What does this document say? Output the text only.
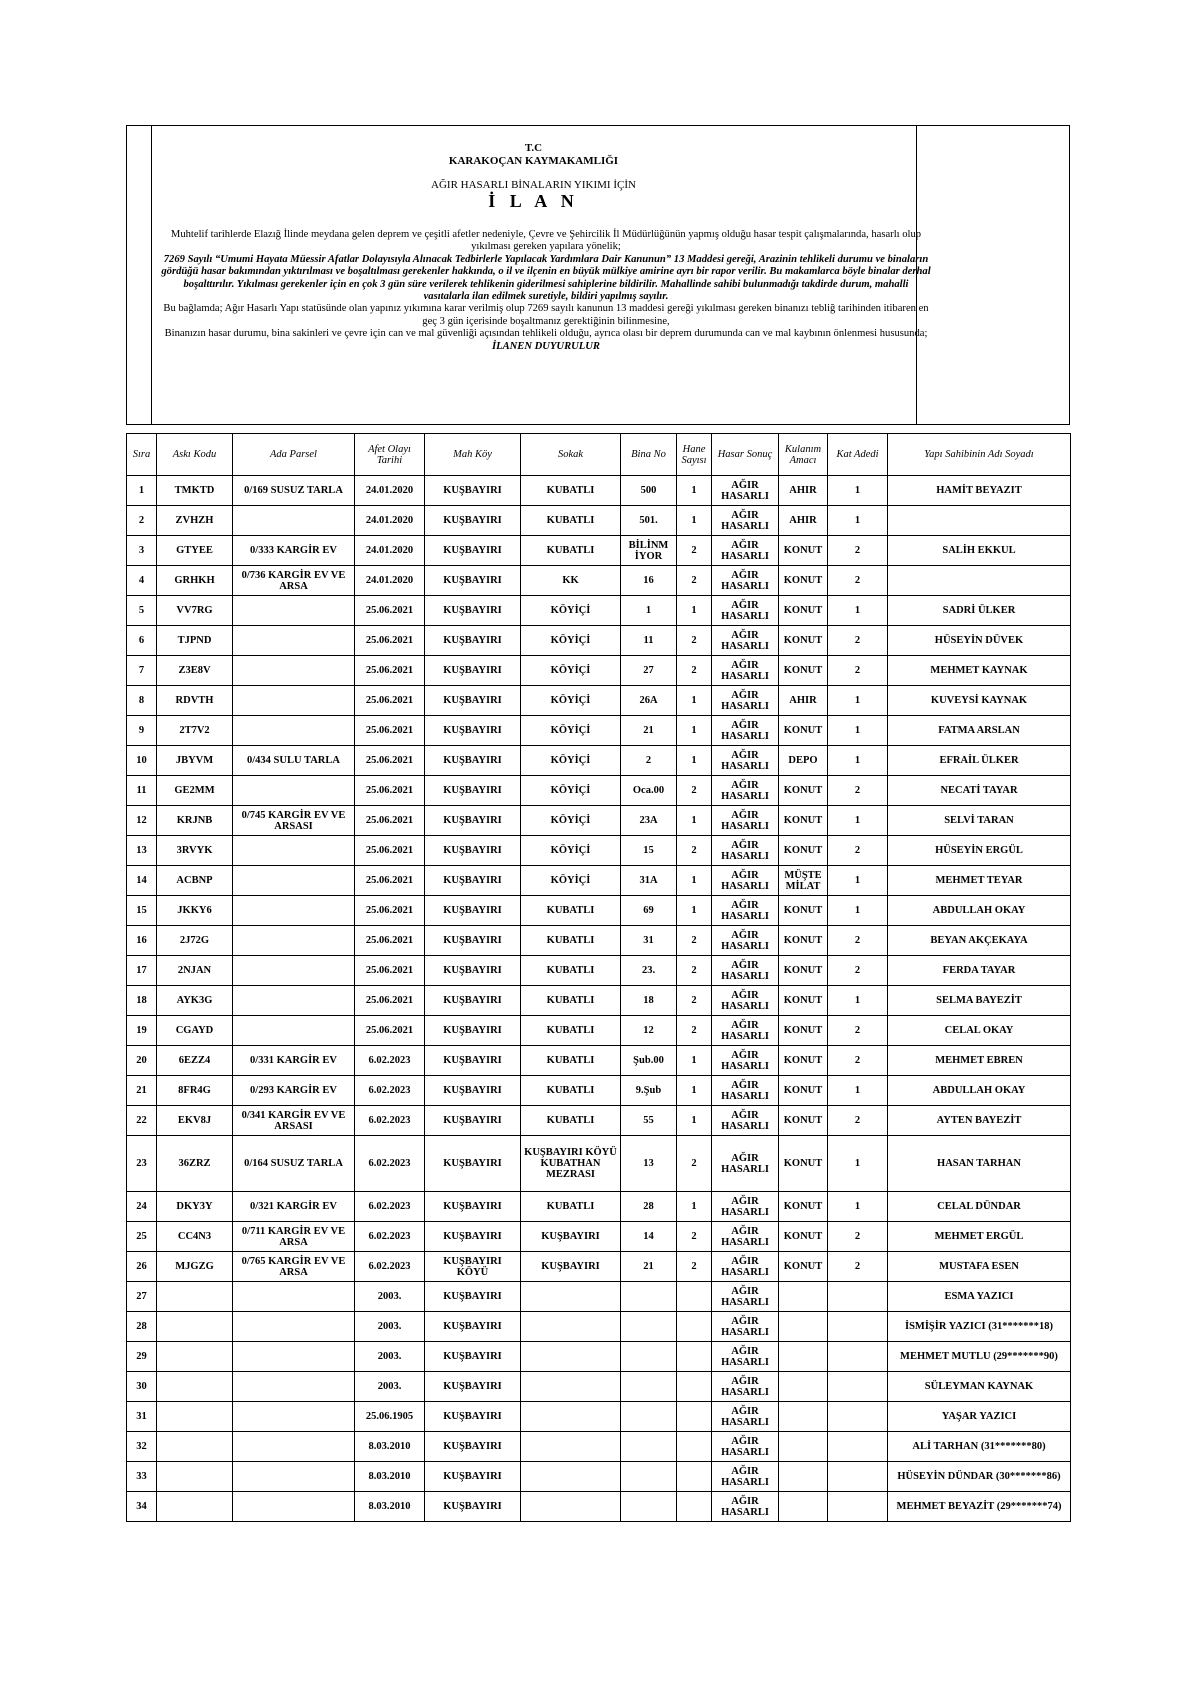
T.C
KARAKOÇAN KAYMAKAMLIĞI
AĞIR HASARLI BİNALARIN YIKIMI İÇİN
İ L A N

Muhtelif tarihlerde Elazığ İlinde meydana gelen deprem ve çeşitli afetler nedeniyle, Çevre ve Şehircilik İl Müdürlüğünün yapmış olduğu hasar tespit çalışmalarında, hasarlı olup yıkılması gereken yapılara yönelik;

7269 Sayılı “Umumi Hayata Müessir Afatlar Dolayısıyla Alınacak Tedbirlerle Yapılacak Yardımlara Dair Kanunun” 13 Maddesi gereği, Arazinin tehlikeli durumu ve binaların gördüğü hasar bakımından yıktırılması ve boşaltılması gerekenler hakkında, o il ve ilçenin en büyük mülkiye amirine ayrı bir rapor verilir. Bu makamlarca böyle binalar derhal boşalttırılır. Yıkılması gerekenler için en çok 3 gün süre verilerek tehlikenin giderilmesi sahiplerine bildirilir. Mahallinde sahibi bulunmadığı takdirde durum, mahalli vasıtalarla ilan edilmek suretiyle, bildiri yapılmış sayılır.

Bu bağlamda; Ağır Hasarlı Yapı statüsünde olan yapınız yıkımına karar verilmiş olup 7269 sayılı kanunun 13 maddesi gereği yıkılması gereken binanızı tebliğ tarihinden itibaren en geç 3 gün içerisinde boşaltmanız gerektiğinin bilinmesine,

Binanızın hasar durumu, bina sakinleri ve çevre için can ve mal güvenliği açısından tehlikeli olduğu, ayrıca olası bir deprem durumunda can ve mal kaybının önlenmesi hususunda;

İLANEN DUYURULUR

Sıra	Askı Kodu	Ada Parsel	Afet Olayı Tarihi	Mah Köy	Sokak	Bina No	Hane Sayısı	Hasar Sonuç	Kulanım Amacı	Kat Adedi	Yapı Sahibinin Adı Soyadı
1	TMKTD	0/169 SUSUZ TARLA	24.01.2020	KUŞBAYIRI	KUBATLI	500	1	AĞIR HASARLI	AHIR	1	HAMİT BEYAZIT
2	ZVHZH		24.01.2020	KUŞBAYIRI	KUBATLI	501.	1	AĞIR HASARLI	AHIR	1	
3	GTYEE	0/333 KARGİR EV	24.01.2020	KUŞBAYIRI	KUBATLI	BİLİNM İYOR	2	AĞIR HASARLI	KONUT	2	SALİH EKKUL
4	GRHKH	0/736 KARGİR EV VE ARSA	24.01.2020	KUŞBAYIRI	KK	16	2	AĞIR HASARLI	KONUT	2	
5	VV7RG		25.06.2021	KUŞBAYIRI	KÖYİÇİ	1	1	AĞIR HASARLI	KONUT	1	SADRİ ÜLKER
6	TJPND		25.06.2021	KUŞBAYIRI	KÖYİÇİ	11	2	AĞIR HASARLI	KONUT	2	HÜSEYİN DÜVEK
7	Z3E8V		25.06.2021	KUŞBAYIRI	KÖYİÇİ	27	2	AĞIR HASARLI	KONUT	2	MEHMET KAYNAK
8	RDVTH		25.06.2021	KUŞBAYIRI	KÖYİÇİ	26A	1	AĞIR HASARLI	AHIR	1	KUVEYSİ KAYNAK
9	2T7V2		25.06.2021	KUŞBAYIRI	KÖYİÇİ	21	1	AĞIR HASARLI	KONUT	1	FATMA ARSLAN
10	JBYVM	0/434 SULU TARLA	25.06.2021	KUŞBAYIRI	KÖYİÇİ	2	1	AĞIR HASARLI	DEPO	1	EFRAİL ÜLKER
11	GE2MM		25.06.2021	KUŞBAYIRI	KÖYİÇİ	Oca.00	2	AĞIR HASARLI	KONUT	2	NECATİ TAYAR
12	KRJNB	0/745 KARGİR EV VE ARSASI	25.06.2021	KUŞBAYIRI	KÖYİÇİ	23A	1	AĞIR HASARLI	KONUT	1	SELVİ TARAN
13	3RVYK		25.06.2021	KUŞBAYIRI	KÖYİÇİ	15	2	AĞIR HASARLI	KONUT	2	HÜSEYİN ERGÜL
14	ACBNP		25.06.2021	KUŞBAYIRI	KÖYİÇİ	31A	1	AĞIR HASARLI	MÜŞTE MİLAT	1	MEHMET TEYAR
15	JKKY6		25.06.2021	KUŞBAYIRI	KUBATLI	69	1	AĞIR HASARLI	KONUT	1	ABDULLAH OKAY
16	2J72G		25.06.2021	KUŞBAYIRI	KUBATLI	31	2	AĞIR HASARLI	KONUT	2	BEYAN AKÇEKAYA
17	2NJAN		25.06.2021	KUŞBAYIRI	KUBATLI	23.	2	AĞIR HASARLI	KONUT	2	FERDA TAYAR
18	AYK3G		25.06.2021	KUŞBAYIRI	KUBATLI	18	2	AĞIR HASARLI	KONUT	1	SELMA BAYEZİT
19	CGAYD		25.06.2021	KUŞBAYIRI	KUBATLI	12	2	AĞIR HASARLI	KONUT	2	CELAL OKAY
20	6EZZ4	0/331 KARGİR EV	6.02.2023	KUŞBAYIRI	KUBATLI	Şub.00	1	AĞIR HASARLI	KONUT	2	MEHMET EBREN
21	8FR4G	0/293 KARGİR EV	6.02.2023	KUŞBAYIRI	KUBATLI	9.Şub	1	AĞIR HASARLI	KONUT	1	ABDULLAH OKAY
22	EKV8J	0/341 KARGİR EV VE ARSASI	6.02.2023	KUŞBAYIRI	KUBATLI	55	1	AĞIR HASARLI	KONUT	2	AYTEN BAYEZİT
23	36ZRZ	0/164 SUSUZ TARLA	6.02.2023	KUŞBAYIRI	KUŞBAYIRI KÖYÜ KUBATHAN MEZRASI	13	2	AĞIR HASARLI	KONUT	1	HASAN TARHAN
24	DKY3Y	0/321 KARGİR EV	6.02.2023	KUŞBAYIRI	KUBATLI	28	1	AĞIR HASARLI	KONUT	1	CELAL DÜNDAR
25	CC4N3	0/711 KARGİR EV VE ARSA	6.02.2023	KUŞBAYIRI	KUŞBAYIRI	14	2	AĞIR HASARLI	KONUT	2	MEHMET ERGÜL
26	MJGZG	0/765 KARGİR EV VE ARSA	6.02.2023	KUŞBAYIRI KÖYÜ	KUŞBAYIRI	21	2	AĞIR HASARLI	KONUT	2	MUSTAFA ESEN
27			2003.	KUŞBAYIRI				AĞIR HASARLI			ESMA YAZICI
28			2003.	KUŞBAYIRI				AĞIR HASARLI			İSMİŞİR YAZICI (31*******18)
29			2003.	KUŞBAYIRI				AĞIR HASARLI			MEHMET MUTLU (29*******90)
30			2003.	KUŞBAYIRI				AĞIR HASARLI			SÜLEYMAN KAYNAK
31			25.06.1905	KUŞBAYIRI				AĞIR HASARLI			YAŞAR YAZICI
32			8.03.2010	KUŞBAYIRI				AĞIR HASARLI			ALİ TARHAN (31*******80)
33			8.03.2010	KUŞBAYIRI				AĞIR HASARLI			HÜSEYİN DÜNDAR (30*******86)
34			8.03.2010	KUŞBAYIRI				AĞIR HASARLI			MEHMET BEYAZİT (29*******74)
